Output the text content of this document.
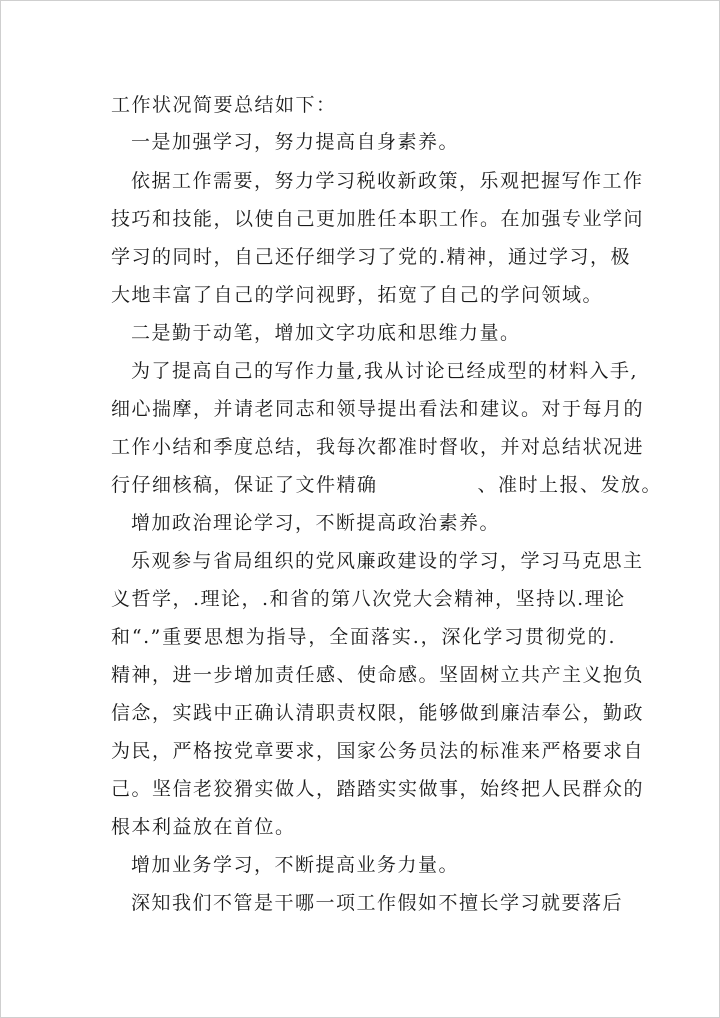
工作状况简要总结如下：
一是加强学习，努力提高自身素养。
依据工作需要，努力学习税收新政策，乐观把握写作工作
技巧和技能，以使自己更加胜任本职工作。在加强专业学问
学习的同时，自己还仔细学习了党的.精神，通过学习，极
大地丰富了自己的学问视野，拓宽了自己的学问领域。
二是勤于动笔，增加文字功底和思维力量。
为了提高自己的写作力量,我从讨论已经成型的材料入手,
细心揣摩，并请老同志和领导提出看法和建议。对于每月的
工作小结和季度总结，我每次都准时督收，并对总结状况进
行仔细核稿，保证了文件精确	、准时上报、发放。
增加政治理论学习，不断提高政治素养。
乐观参与省局组织的党风廉政建设的学习，学习马克思主
义哲学，.理论，.和省的第八次党大会精神，坚持以.理论
和“.”重要思想为指导，全面落实.，深化学习贯彻党的.
精神，进一步增加责任感、使命感。坚固树立共产主义抱负
信念，实践中正确认清职责权限，能够做到廉洁奉公，勤政
为民，严格按党章要求，国家公务员法的标准来严格要求自
己。坚信老狡猾实做人，踏踏实实做事，始终把人民群众的
根本利益放在首位。
增加业务学习，不断提高业务力量。
深知我们不管是干哪一项工作假如不擅长学习就要落后
